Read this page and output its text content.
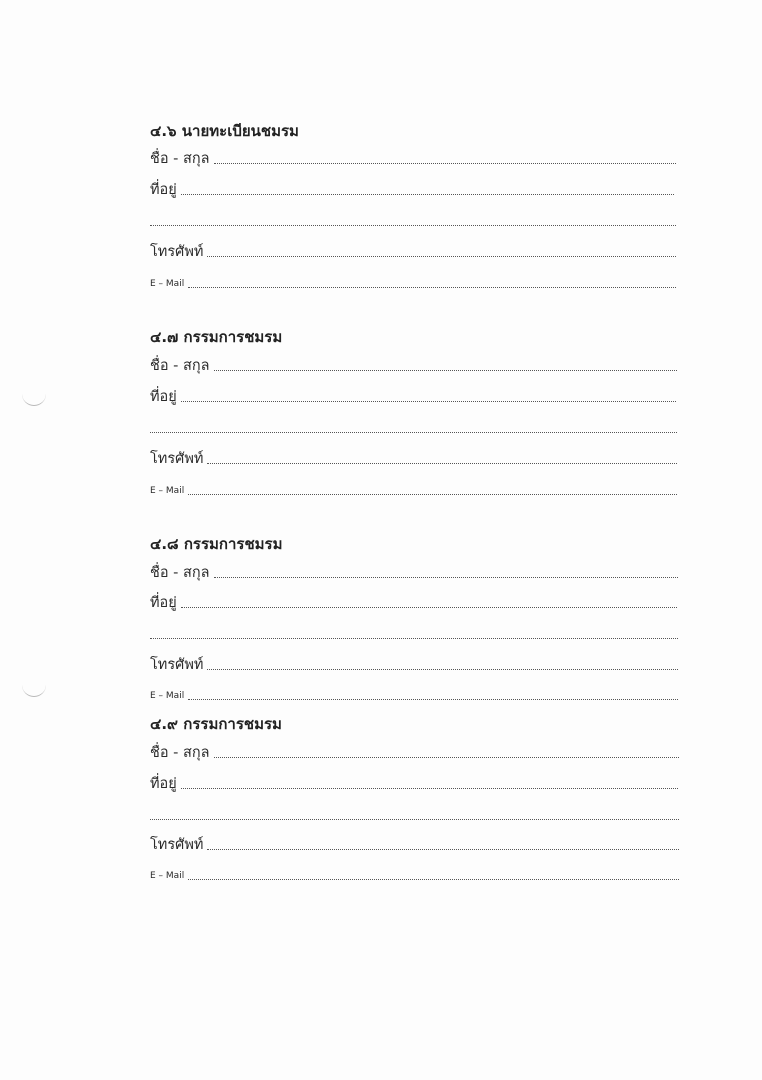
๔.๖ นายทะเบียนชมรม
ชื่อ - สกุล
ที่อยู่
โทรศัพท์
E – Mail
๔.๗ กรรมการชมรม
ชื่อ - สกุล
ที่อยู่
โทรศัพท์
E – Mail
๔.๘ กรรมการชมรม
ชื่อ - สกุล
ที่อยู่
โทรศัพท์
E – Mail
๔.๙ กรรมการชมรม
ชื่อ - สกุล
ที่อยู่
โทรศัพท์
E – Mail
